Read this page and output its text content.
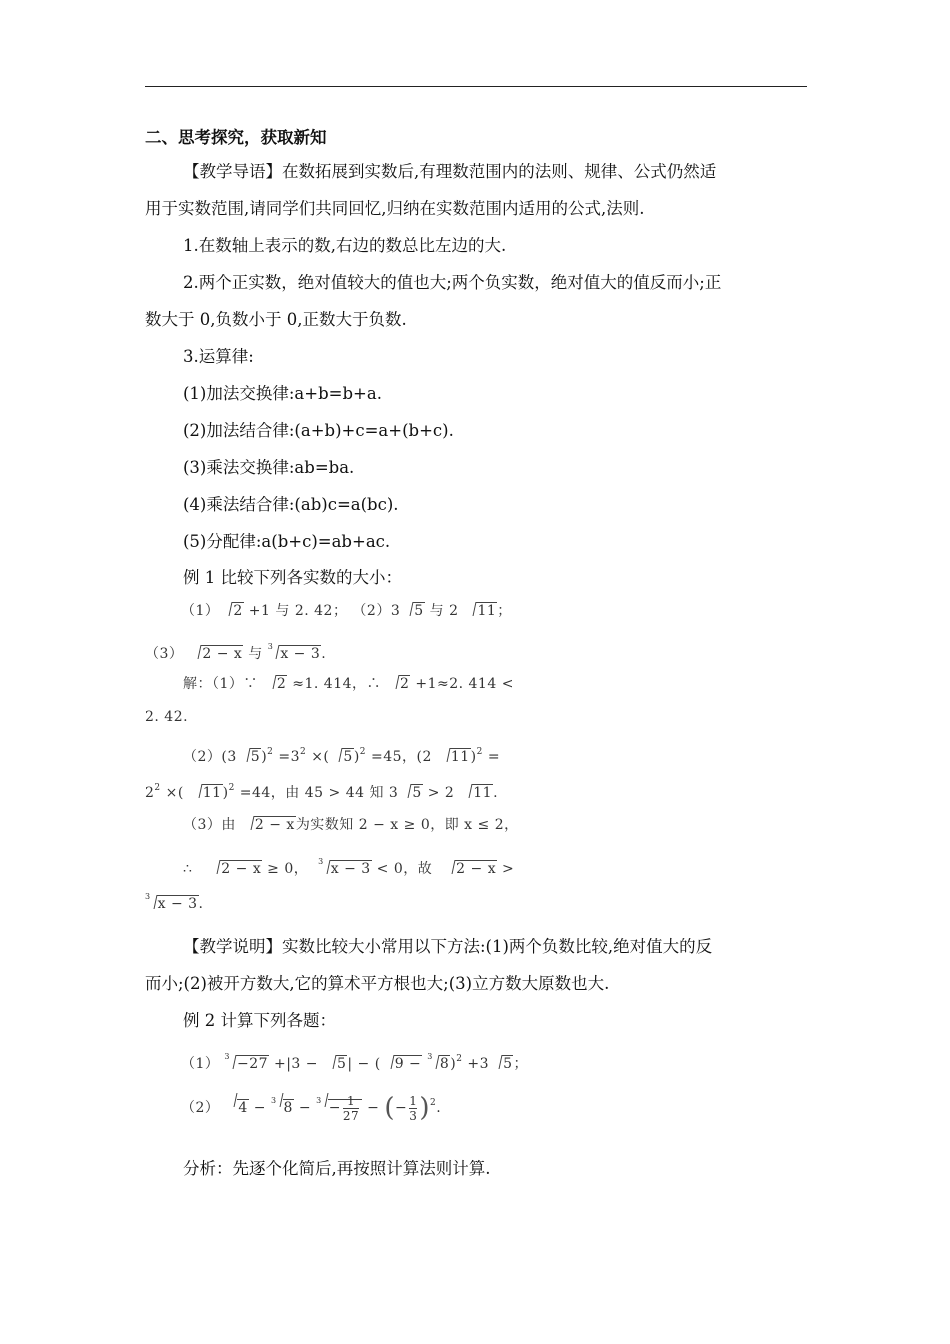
二、思考探究，获取新知
【教学导语】在数拓展到实数后,有理数范围内的法则、规律、公式仍然适
用于实数范围,请同学们共同回忆,归纳在实数范围内适用的公式,法则.
1.在数轴上表示的数,右边的数总比左边的大.
2.两个正实数，绝对值较大的值也大;两个负实数，绝对值大的值反而小;正
数大于 0,负数小于 0,正数大于负数.
3.运算律:
(1)加法交换律:a+b=b+a.
(2)加法结合律:(a+b)+c=a+(b+c).
(3)乘法交换律:ab=ba.
(4)乘法结合律:(ab)c=a(bc).
(5)分配律:a(b+c)=ab+ac.
例 1 比较下列各实数的大小：
（1） 2 +1 与 2. 42； （2）3 5 与 2 11；
（3） 2 − x 与 $^3$ x − 3.
解：（1）∵ 2 ≈1. 414，∴ 2 +1≈2. 414 <
2. 42.
（2）(3 $5)^2 =3^2$ ×( 5)$^2$ =45，(2 11)$^2$ =
$2^2$ ×( 11)$^2$ =44，由 45 > 44 知 3 5 > 2 11.
（3）由 2 − x为实数知 2 − x ≥ 0，即 x ≤ 2，
∴ 2 − x ≥ 0， $^3$ x − 3 < 0，故 2 − x >
$^3$ x − 3.
【教学说明】实数比较大小常用以下方法:(1)两个负数比较,绝对值大的反
而小;(2)被开方数大,它的算术平方根也大;(3)立方数大原数也大.
例 2 计算下列各题：
（1） $^3$ −27 +|3 − 5| − ( 9 − $^3$ 8)$^2$ +3 5；
（2） 4 − $^3$ $8 - ^3 - \frac{1}{27}$ − (− $\frac{1}{3} )^2$.
分析：先逐个化简后,再按照计算法则计算.
